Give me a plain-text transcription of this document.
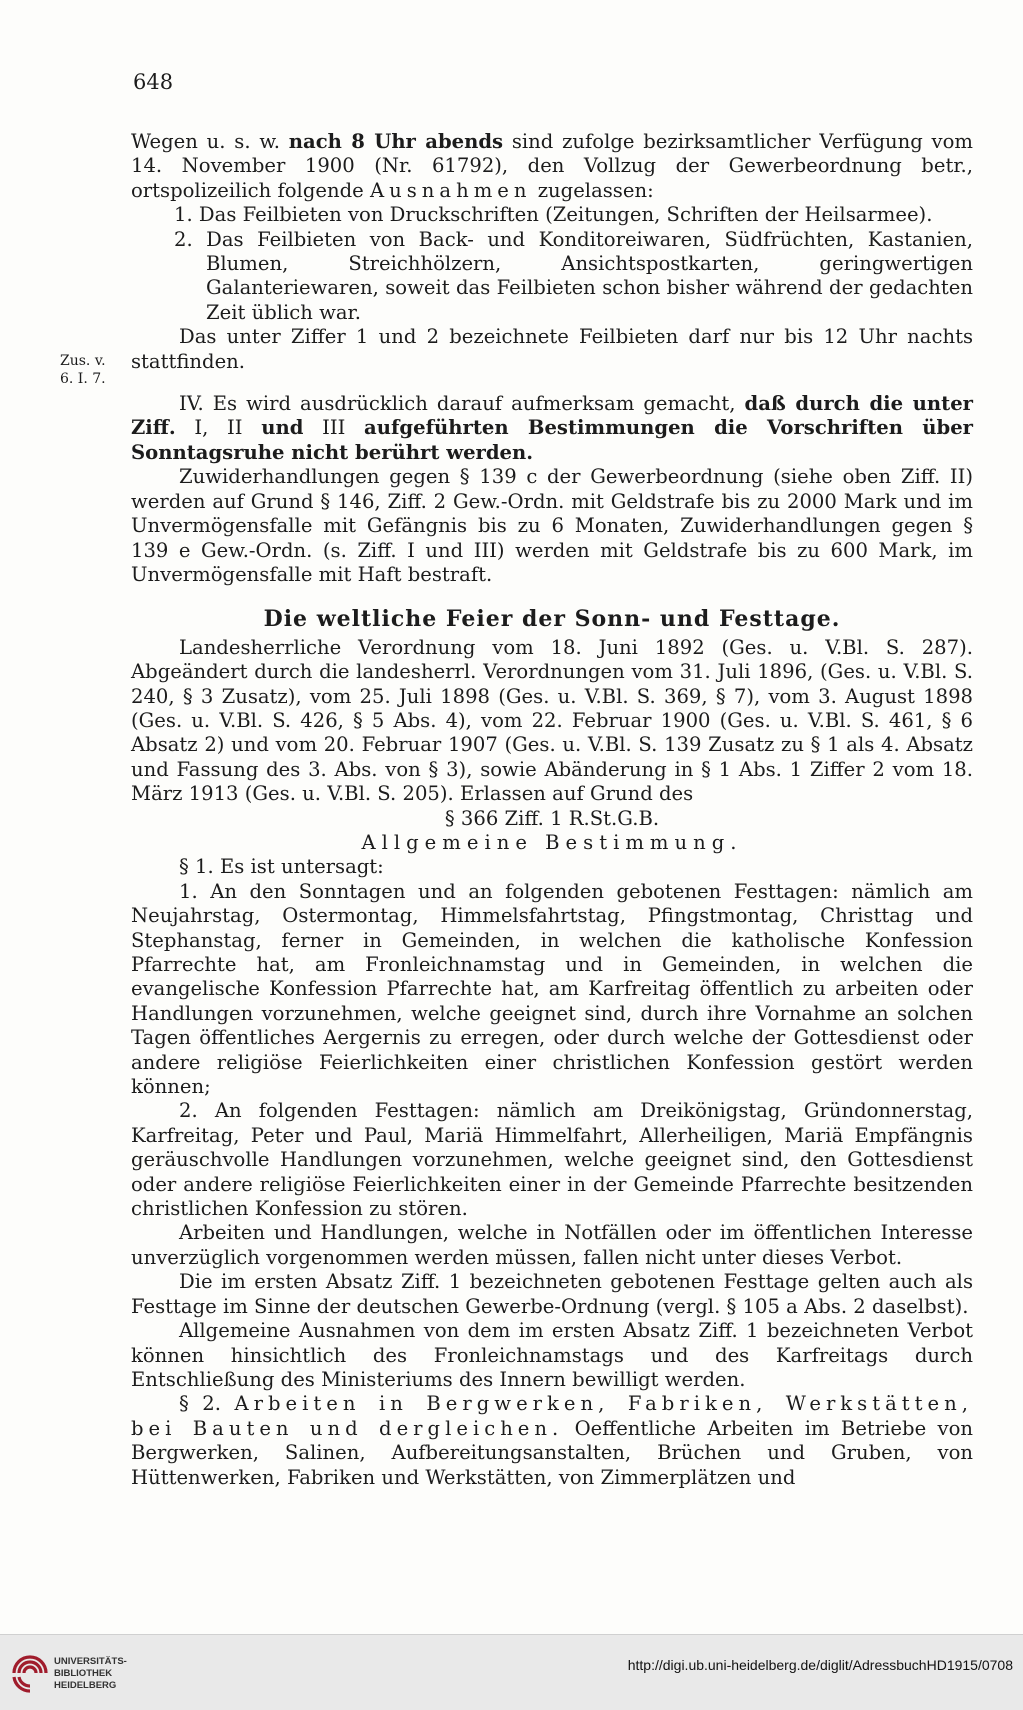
648
Zus. v.
6. I. 7.

Wegen u. s. w. nach 8 Uhr abends sind zufolge bezirksamtlicher Verfügung vom 14. November 1900 (Nr. 61792), den Vollzug der Gewerbeordnung betr., ortspolizeilich folgende Ausnahmen zugelassen:

1. Das Feilbieten von Druckschriften (Zeitungen, Schriften der Heilsarmee).

2. Das Feilbieten von Back- und Konditoreiwaren, Südfrüchten, Kastanien, Blumen, Streichhölzern, Ansichtspostkarten, geringwertigen Galanteriewaren, soweit das Feilbieten schon bisher während der gedachten Zeit üblich war.

Das unter Ziffer 1 und 2 bezeichnete Feilbieten darf nur bis 12 Uhr nachts stattfinden.

IV. Es wird ausdrücklich darauf aufmerksam gemacht, daß durch die unter Ziff. I, II und III aufgeführten Bestimmungen die Vorschriften über Sonntagsruhe nicht berührt werden.

Zuwiderhandlungen gegen § 139 c der Gewerbeordnung (siehe oben Ziff. II) werden auf Grund § 146, Ziff. 2 Gew.-Ordn. mit Geldstrafe bis zu 2000 Mark und im Unvermögensfalle mit Gefängnis bis zu 6 Monaten, Zuwiderhandlungen gegen § 139 e Gew.-Ordn. (s. Ziff. I und III) werden mit Geldstrafe bis zu 600 Mark, im Unvermögensfalle mit Haft bestraft.

Die weltliche Feier der Sonn- und Festtage.

Landesherrliche Verordnung vom 18. Juni 1892 (Ges. u. V.Bl. S. 287). Abgeändert durch die landesherrl. Verordnungen vom 31. Juli 1896, (Ges. u. V.Bl. S. 240, § 3 Zusatz), vom 25. Juli 1898 (Ges. u. V.Bl. S. 369, § 7), vom 3. August 1898 (Ges. u. V.Bl. S. 426, § 5 Abs. 4), vom 22. Februar 1900 (Ges. u. V.Bl. S. 461, § 6 Absatz 2) und vom 20. Februar 1907 (Ges. u. V.Bl. S. 139 Zusatz zu § 1 als 4. Absatz und Fassung des 3. Abs. von § 3), sowie Abänderung in § 1 Abs. 1 Ziffer 2 vom 18. März 1913 (Ges. u. V.Bl. S. 205). Erlassen auf Grund des

§ 366 Ziff. 1 R.St.G.B.

Allgemeine Bestimmung.

§ 1. Es ist untersagt:

1. An den Sonntagen und an folgenden gebotenen Festtagen: nämlich am Neujahrstag, Ostermontag, Himmelsfahrtstag, Pfingstmontag, Christtag und Stephanstag, ferner in Gemeinden, in welchen die katholische Konfession Pfarrechte hat, am Fronleichnamstag und in Gemeinden, in welchen die evangelische Konfession Pfarrechte hat, am Karfreitag öffentlich zu arbeiten oder Handlungen vorzunehmen, welche geeignet sind, durch ihre Vornahme an solchen Tagen öffentliches Aergernis zu erregen, oder durch welche der Gottesdienst oder andere religiöse Feierlichkeiten einer christlichen Konfession gestört werden können;

2. An folgenden Festtagen: nämlich am Dreikönigstag, Gründonnerstag, Karfreitag, Peter und Paul, Mariä Himmelfahrt, Allerheiligen, Mariä Empfängnis geräuschvolle Handlungen vorzunehmen, welche geeignet sind, den Gottesdienst oder andere religiöse Feierlichkeiten einer in der Gemeinde Pfarrechte besitzenden christlichen Konfession zu stören.

Arbeiten und Handlungen, welche in Notfällen oder im öffentlichen Interesse unverzüglich vorgenommen werden müssen, fallen nicht unter dieses Verbot.

Die im ersten Absatz Ziff. 1 bezeichneten gebotenen Festtage gelten auch als Festtage im Sinne der deutschen Gewerbe-Ordnung (vergl. § 105 a Abs. 2 daselbst).

Allgemeine Ausnahmen von dem im ersten Absatz Ziff. 1 bezeichneten Verbot können hinsichtlich des Fronleichnamstags und des Karfreitags durch Entschließung des Ministeriums des Innern bewilligt werden.

§ 2. Arbeiten in Bergwerken, Fabriken, Werkstätten, bei Bauten und dergleichen. Oeffentliche Arbeiten im Betriebe von Bergwerken, Salinen, Aufbereitungsanstalten, Brüchen und Gruben, von Hüttenwerken, Fabriken und Werkstätten, von Zimmerplätzen und

UNIVERSITÄTS-
BIBLIOTHEK
HEIDELBERG
http://digi.ub.uni-heidelberg.de/diglit/AdressbuchHD1915/0708
